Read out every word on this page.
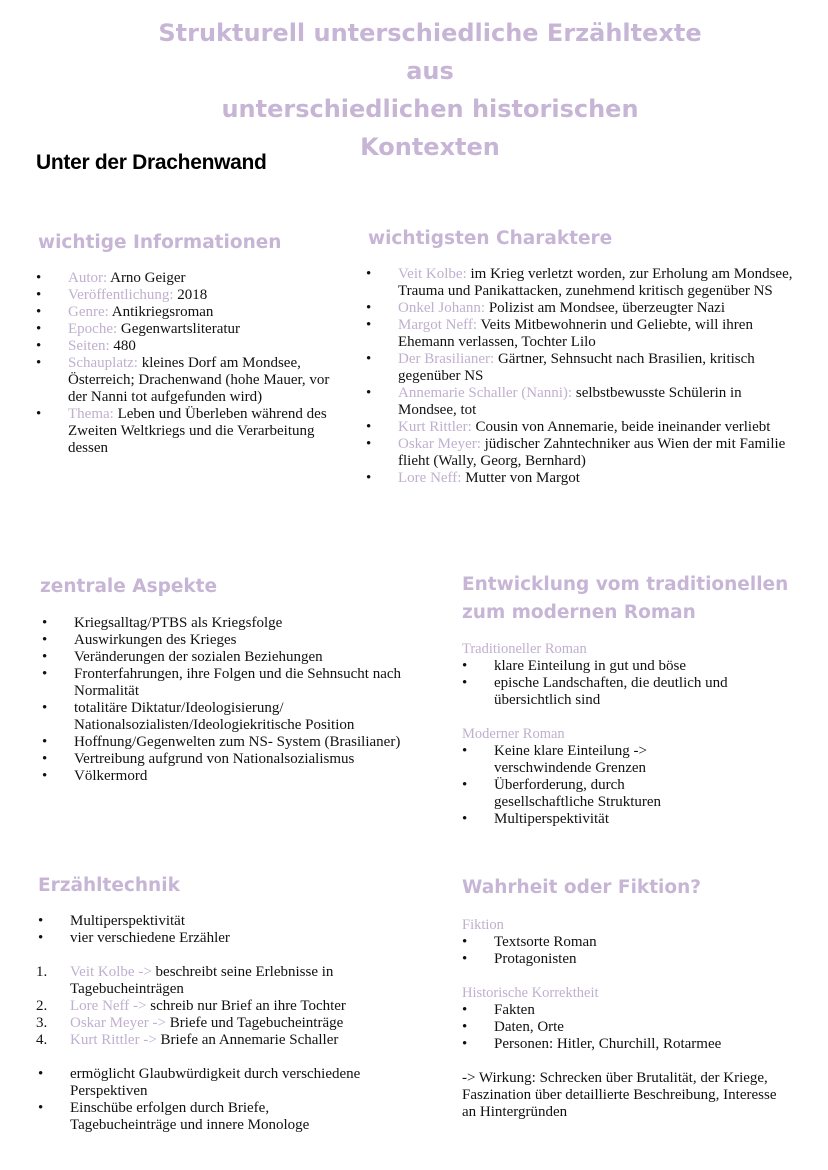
Strukturell unterschiedliche Erzähltexte aus
unterschiedlichen historischen Kontexten
Unter der Drachenwand
wichtige Informationen
• Autor: Arno Geiger
• Veröffentlichung: 2018
• Genre: Antikriegsroman
• Epoche: Gegenwartsliteratur
• Seiten: 480
• Schauplatz: kleines Dorf am Mondsee, Österreich; Drachenwand (hohe Mauer, vor der Nanni tot aufgefunden wird)
• Thema: Leben und Überleben während des Zweiten Weltkriegs und die Verarbeitung dessen
wichtigsten Charaktere
• Veit Kolbe: im Krieg verletzt worden, zur Erholung am Mondsee, Trauma und Panikattacken, zunehmend kritisch gegenüber NS
• Onkel Johann: Polizist am Mondsee, überzeugter Nazi
• Margot Neff: Veits Mitbewohnerin und Geliebte, will ihren Ehemann verlassen, Tochter Lilo
• Der Brasilianer: Gärtner, Sehnsucht nach Brasilien, kritisch gegenüber NS
• Annemarie Schaller (Nanni): selbstbewusste Schülerin in Mondsee, tot
• Kurt Rittler: Cousin von Annemarie, beide ineinander verliebt
• Oskar Meyer: jüdischer Zahntechniker aus Wien der mit Familie flieht (Wally, Georg, Bernhard)
• Lore Neff: Mutter von Margot
zentrale Aspekte
• Kriegsalltag/PTBS als Kriegsfolge
• Auswirkungen des Krieges
• Veränderungen der sozialen Beziehungen
• Fronterfahrungen, ihre Folgen und die Sehnsucht nach Normalität
• totalitäre Diktatur/Ideologisierung/ Nationalsozialisten/Ideologiekritische Position
• Hoffnung/Gegenwelten zum NS- System (Brasilianer)
• Vertreibung aufgrund von Nationalsozialismus
• Völkermord
Entwicklung vom traditionellen
zum modernen Roman
Traditioneller Roman
• klare Einteilung in gut und böse
• epische Landschaften, die deutlich und übersichtlich sind
Moderner Roman
• Keine klare Einteilung -> verschwindende Grenzen
• Überforderung, durch gesellschaftliche Strukturen
• Multiperspektivität
Erzähltechnik
• Multiperspektivität
• vier verschiedene Erzähler
1. Veit Kolbe -> beschreibt seine Erlebnisse in Tagebucheinträgen
2. Lore Neff -> schreib nur Brief an ihre Tochter
3. Oskar Meyer -> Briefe und Tagebucheinträge
4. Kurt Rittler -> Briefe an Annemarie Schaller
• ermöglicht Glaubwürdigkeit durch verschiedene Perspektiven
• Einschübe erfolgen durch Briefe, Tagebucheinträge und innere Monologe
Wahrheit oder Fiktion?
Fiktion
• Textsorte Roman
• Protagonisten
Historische Korrektheit
• Fakten
• Daten, Orte
• Personen: Hitler, Churchill, Rotarmee
-> Wirkung: Schrecken über Brutalität, der Kriege, Faszination über detaillierte Beschreibung, Interesse an Hintergründen
